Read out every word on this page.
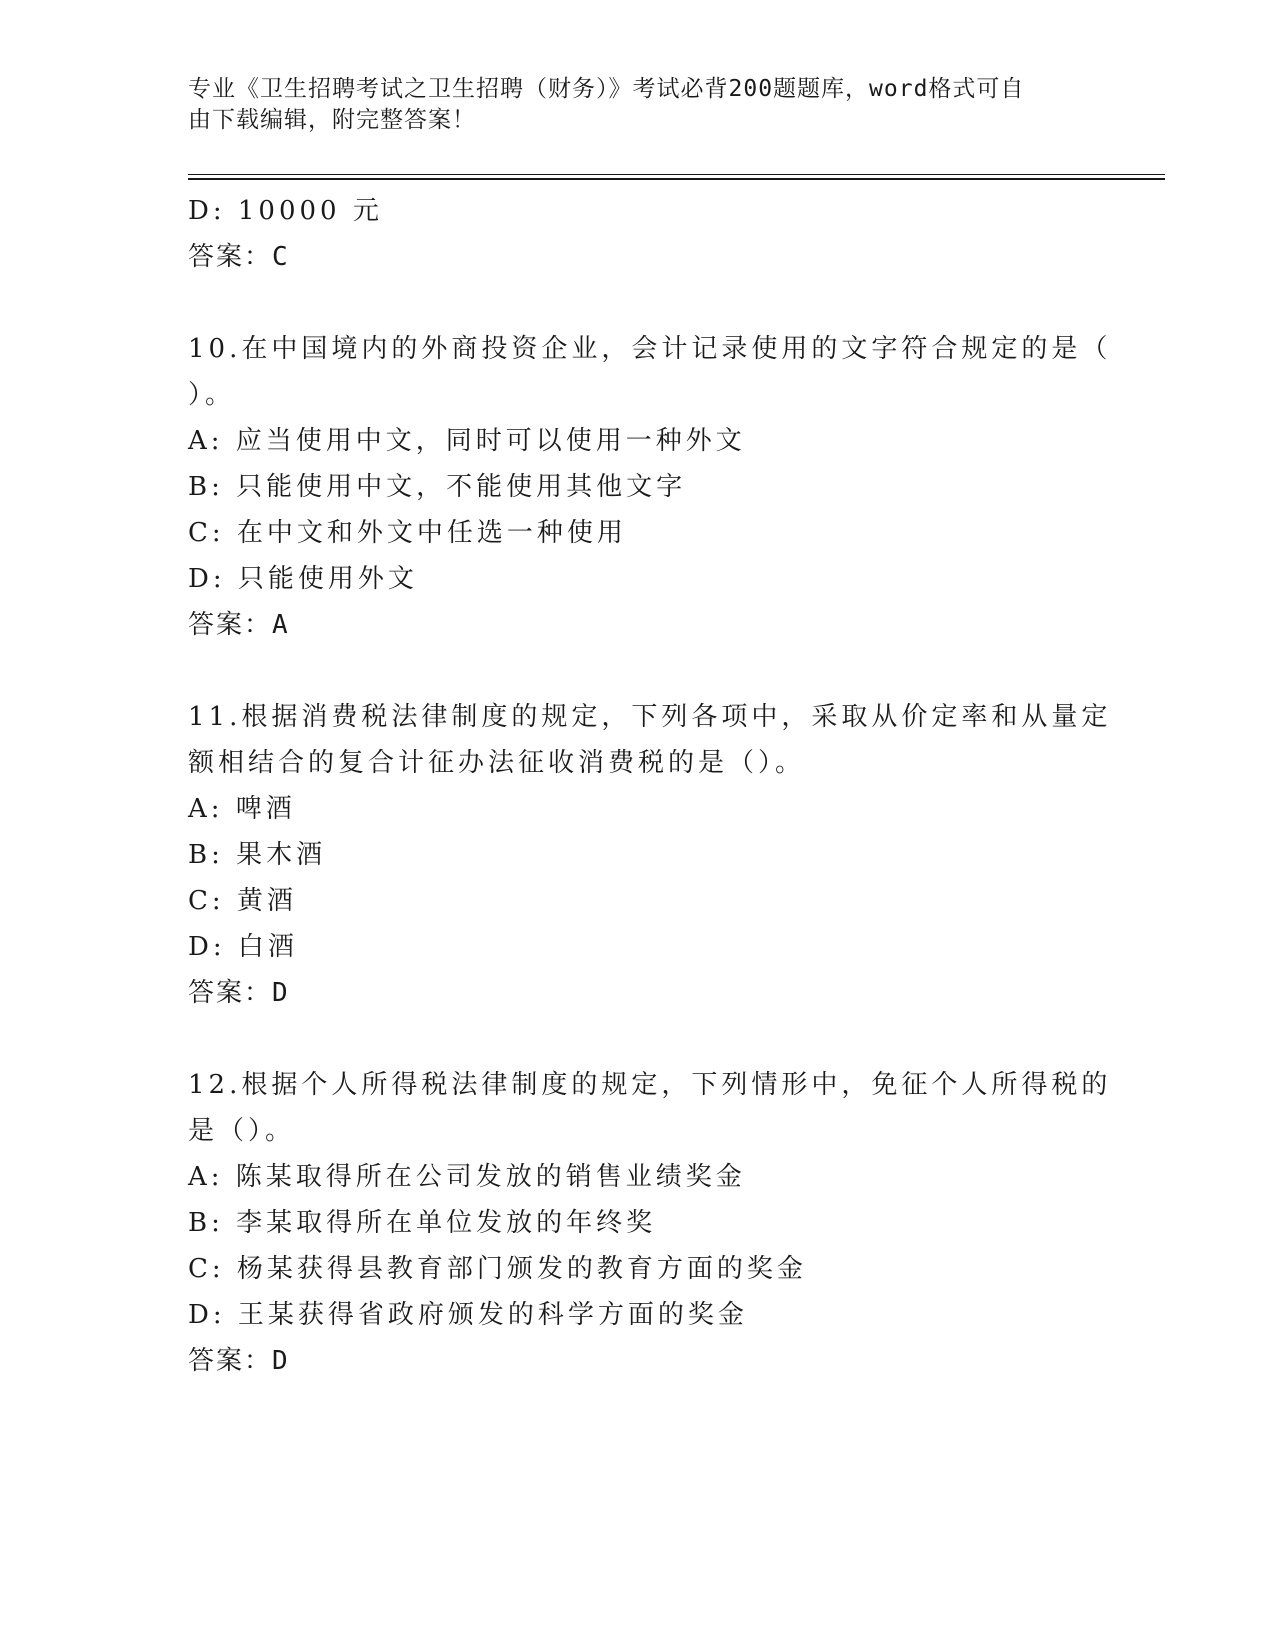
专业《卫生招聘考试之卫生招聘（财务）》考试必背200题题库，word格式可自
由下载编辑，附完整答案！
D: 10000 元
答案：C
10.在中国境内的外商投资企业，会计记录使用的文字符合规定的是（
）。
A: 应当使用中文，同时可以使用一种外文
B: 只能使用中文，不能使用其他文字
C: 在中文和外文中任选一种使用
D: 只能使用外文
答案：A
11.根据消费税法律制度的规定，下列各项中，采取从价定率和从量定
额相结合的复合计征办法征收消费税的是（）。
A: 啤酒
B: 果木酒
C: 黄酒
D: 白酒
答案：D
12.根据个人所得税法律制度的规定，下列情形中，免征个人所得税的
是（）。
A: 陈某取得所在公司发放的销售业绩奖金
B: 李某取得所在单位发放的年终奖
C: 杨某获得县教育部门颁发的教育方面的奖金
D: 王某获得省政府颁发的科学方面的奖金
答案：D
